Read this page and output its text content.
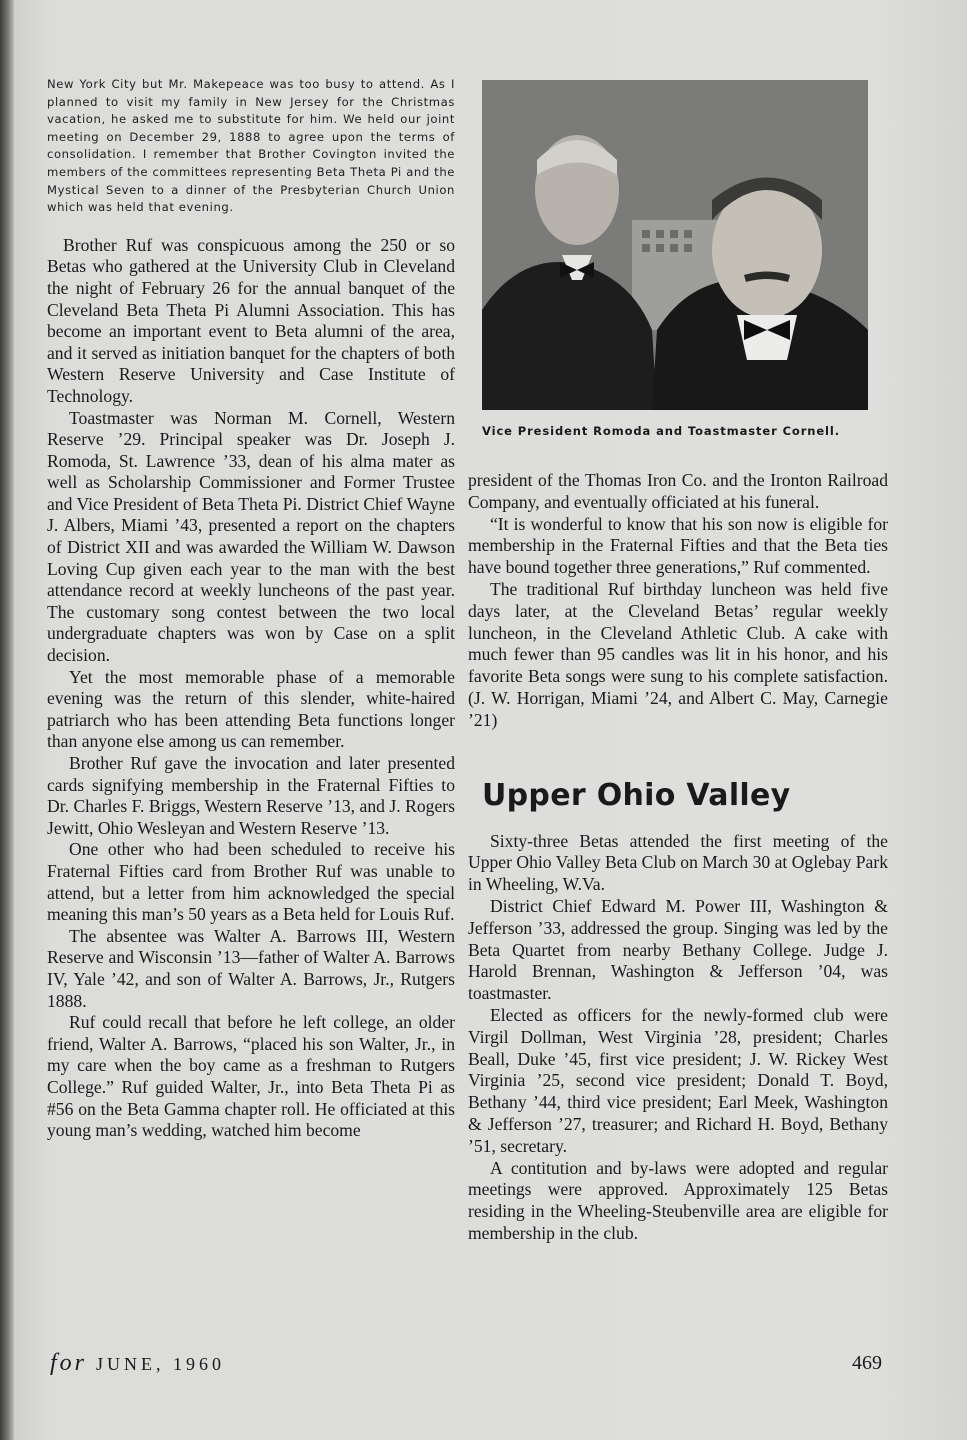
New York City but Mr. Makepeace was too busy to attend. As I planned to visit my family in New Jersey for the Christmas vacation, he asked me to substitute for him. We held our joint meeting on December 29, 1888 to agree upon the terms of consolidation. I remember that Brother Covington invited the members of the committees representing Beta Theta Pi and the Mystical Seven to a dinner of the Presbyterian Church Union which was held that evening.

Brother Ruf was conspicuous among the 250 or so Betas who gathered at the University Club in Cleveland the night of February 26 for the annual banquet of the Cleveland Beta Theta Pi Alumni Association. This has become an important event to Beta alumni of the area, and it served as initiation banquet for the chapters of both Western Reserve University and Case Institute of Technology.

Toastmaster was Norman M. Cornell, Western Reserve ’29. Principal speaker was Dr. Joseph J. Romoda, St. Lawrence ’33, dean of his alma mater as well as Scholarship Commissioner and Former Trustee and Vice President of Beta Theta Pi. District Chief Wayne J. Albers, Miami ’43, presented a report on the chapters of District XII and was awarded the William W. Dawson Loving Cup given each year to the man with the best attendance record at weekly luncheons of the past year. The customary song contest between the two local undergraduate chapters was won by Case on a split decision.

Yet the most memorable phase of a memorable evening was the return of this slender, white-haired patriarch who has been attending Beta functions longer than anyone else among us can remember.

Brother Ruf gave the invocation and later presented cards signifying membership in the Fraternal Fifties to Dr. Charles F. Briggs, Western Reserve ’13, and J. Rogers Jewitt, Ohio Wesleyan and Western Reserve ’13.

One other who had been scheduled to receive his Fraternal Fifties card from Brother Ruf was unable to attend, but a letter from him acknowledged the special meaning this man’s 50 years as a Beta held for Louis Ruf.

The absentee was Walter A. Barrows III, Western Reserve and Wisconsin ’13—father of Walter A. Barrows IV, Yale ’42, and son of Walter A. Barrows, Jr., Rutgers 1888.

Ruf could recall that before he left college, an older friend, Walter A. Barrows, “placed his son Walter, Jr., in my care when the boy came as a freshman to Rutgers College.” Ruf guided Walter, Jr., into Beta Theta Pi as #56 on the Beta Gamma chapter roll. He officiated at this young man’s wedding, watched him become

Vice President Romoda and Toastmaster Cornell.

president of the Thomas Iron Co. and the Ironton Railroad Company, and eventually officiated at his funeral.

“It is wonderful to know that his son now is eligible for membership in the Fraternal Fifties and that the Beta ties have bound together three generations,” Ruf commented.

The traditional Ruf birthday luncheon was held five days later, at the Cleveland Betas’ regular weekly luncheon, in the Cleveland Athletic Club. A cake with much fewer than 95 candles was lit in his honor, and his favorite Beta songs were sung to his complete satisfaction. (J. W. Horrigan, Miami ’24, and Albert C. May, Carnegie ’21)

Upper Ohio Valley

Sixty-three Betas attended the first meeting of the Upper Ohio Valley Beta Club on March 30 at Oglebay Park in Wheeling, W.Va.

District Chief Edward M. Power III, Washington & Jefferson ’33, addressed the group. Singing was led by the Beta Quartet from nearby Bethany College. Judge J. Harold Brennan, Washington & Jefferson ’04, was toastmaster.

Elected as officers for the newly-formed club were Virgil Dollman, West Virginia ’28, president; Charles Beall, Duke ’45, first vice president; J. W. Rickey West Virginia ’25, second vice president; Donald T. Boyd, Bethany ’44, third vice president; Earl Meek, Washington & Jefferson ’27, treasurer; and Richard H. Boyd, Bethany ’51, secretary.

A contitution and by-laws were adopted and regular meetings were approved. Approximately 125 Betas residing in the Wheeling-Steubenville area are eligible for membership in the club.

for JUNE, 1960	469
